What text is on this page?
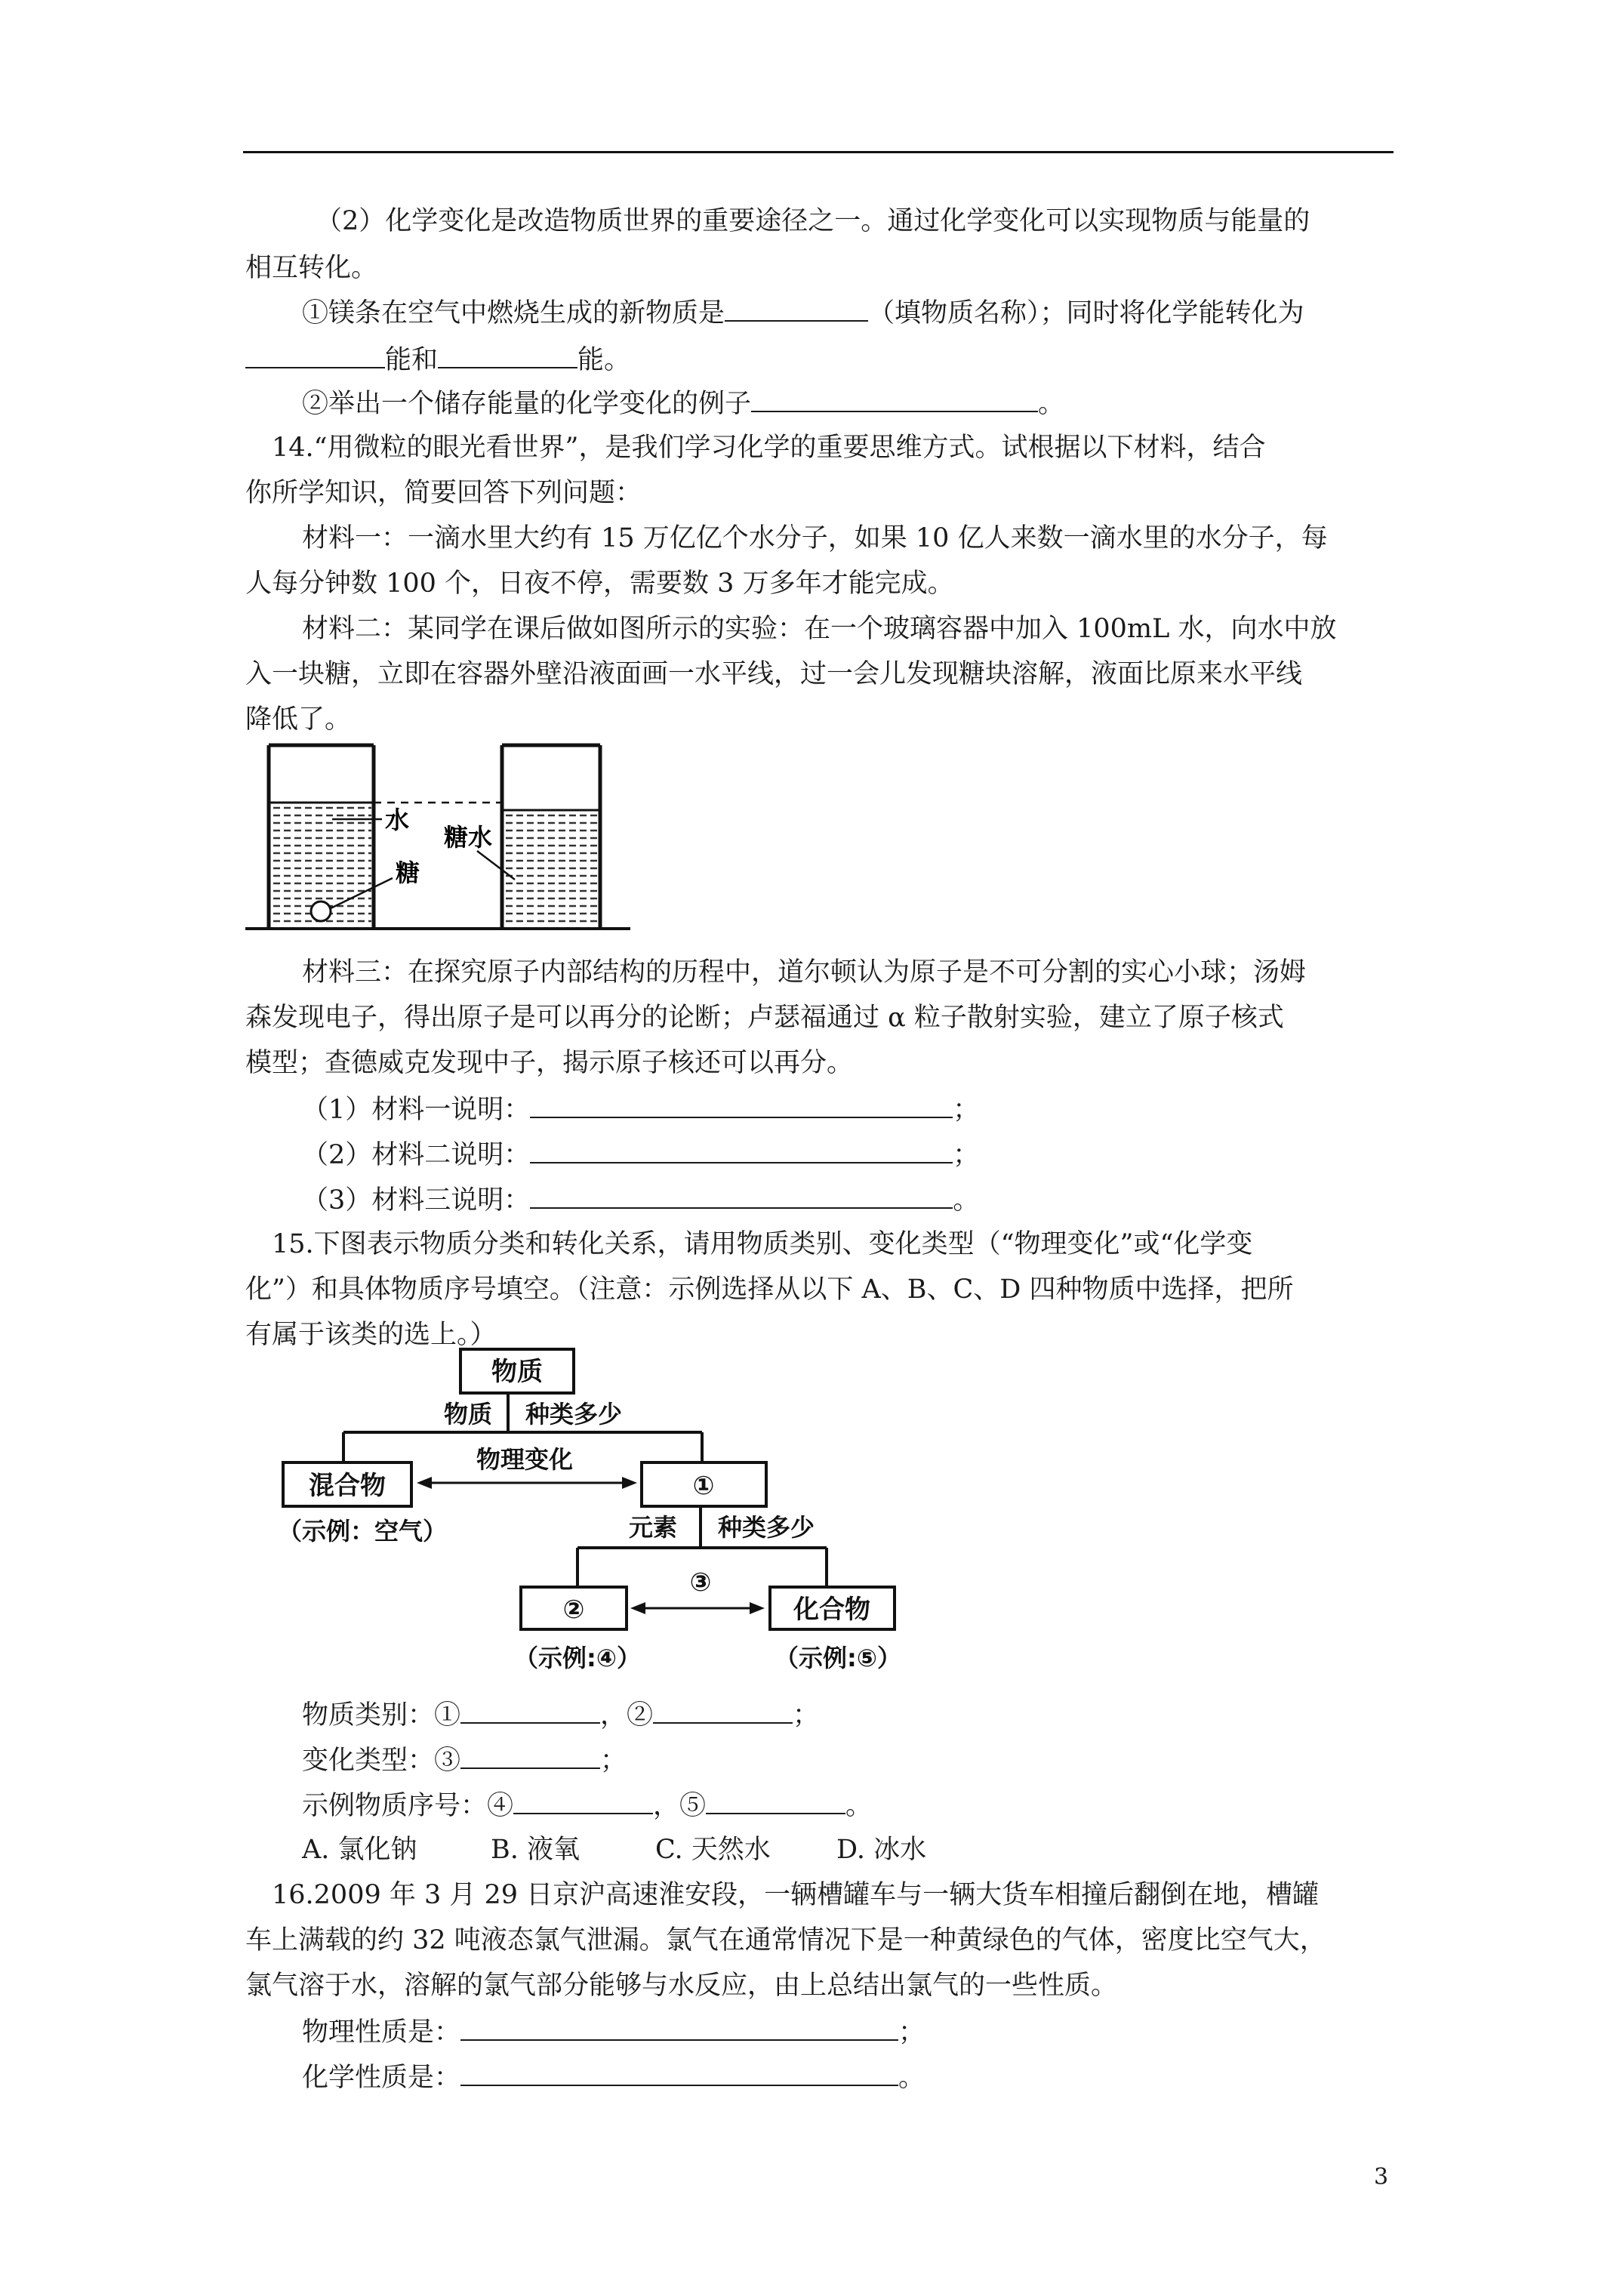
（2）化学变化是改造物质世界的重要途径之一。通过化学变化可以实现物质与能量的
相互转化。
①镁条在空气中燃烧生成的新物质是	（填物质名称）；同时将化学能转化为
能和	能。
②举出一个储存能量的化学变化的例子	。
14.“用微粒的眼光看世界”，是我们学习化学的重要思维方式。试根据以下材料，结合
你所学知识，简要回答下列问题：
材料一：一滴水里大约有 15 万亿亿个水分子，如果 10 亿人来数一滴水里的水分子，每
人每分钟数 100 个，日夜不停，需要数 3 万多年才能完成。
材料二：某同学在课后做如图所示的实验：在一个玻璃容器中加入 100mL 水，向水中放
入一块糖，立即在容器外壁沿液面画一水平线，过一会儿发现糖块溶解，液面比原来水平线
降低了。
水
糖
糖水
材料三：在探究原子内部结构的历程中，道尔顿认为原子是不可分割的实心小球；汤姆
森发现电子，得出原子是可以再分的论断；卢瑟福通过 α 粒子散射实验，建立了原子核式
模型；查德威克发现中子，揭示原子核还可以再分。
（1）材料一说明：	；
（2）材料二说明：	；
（3）材料三说明：	。
15.下图表示物质分类和转化关系，请用物质类别、变化类型（“物理变化”或“化学变
化”）和具体物质序号填空。（注意：示例选择从以下 A、B、C、D 四种物质中选择，把所
有属于该类的选上。）
物质
物质 种类多少
混合物
物理变化
①
（示例：空气）	元素 种类多少
②
③
化合物
（示例:④）	（示例:⑤）
物质类别：①	，②	；
变化类型：③	；
示例物质序号：④	，⑤	。
A. 氯化钠	B. 液氧	C. 天然水 D. 冰水
16.2009 年 3 月 29 日京沪高速淮安段，一辆槽罐车与一辆大货车相撞后翻倒在地，槽罐
车上满载的约 32 吨液态氯气泄漏。氯气在通常情况下是一种黄绿色的气体，密度比空气大，
氯气溶于水，溶解的氯气部分能够与水反应，由上总结出氯气的一些性质。
物理性质是：	；
化学性质是：	。
3
